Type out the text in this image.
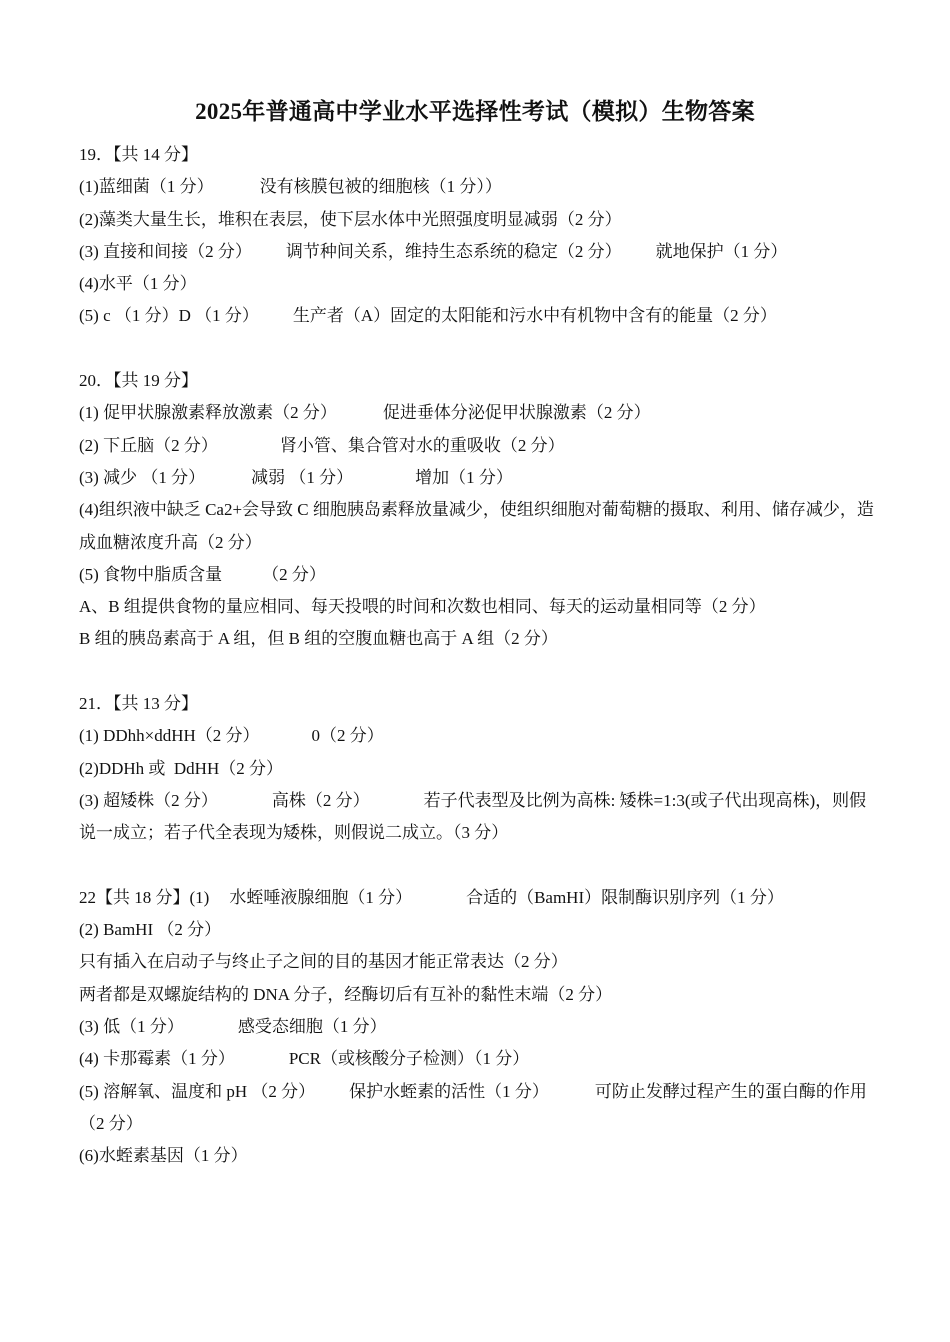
2025年普通高中学业水平选择性考试（模拟）生物答案
19．【共 14 分】
(1)蓝细菌（1 分）	没有核膜包被的细胞核（1 分））
(2)藻类大量生长，堆积在表层，使下层水体中光照强度明显减弱（2 分）
(3) 直接和间接（2 分） 调节种间关系，维持生态系统的稳定（2 分） 就地保护（1 分）
(4)水平（1 分）
(5) c （1 分）D （1 分） 生产者（A）固定的太阳能和污水中有机物中含有的能量（2 分）
20．【共 19 分】
(1) 促甲状腺激素释放激素（2 分）	促进垂体分泌促甲状腺激素（2 分）
(2) 下丘脑（2 分）	肾小管、集合管对水的重吸收（2 分）
(3) 减少 （1 分）	减弱 （1 分）	增加（1 分）
(4)组织液中缺乏 Ca2+会导致 C 细胞胰岛素释放量减少，使组织细胞对葡萄糖的摄取、利用、储存减少，造成血糖浓度升高（2 分）
(5) 食物中脂质含量 （2 分）
A、B 组提供食物的量应相同、每天投喂的时间和次数也相同、每天的运动量相同等（2 分）
B 组的胰岛素高于 A 组，但 B 组的空腹血糖也高于 A 组（2 分）
21．【共 13 分】
(1) DDhh×ddHH（2 分）	0（2 分）
(2)DDHh 或  DdHH（2 分）
(3) 超矮株（2 分）	高株（2 分）	若子代表型及比例为高株: 矮株=1:3(或子代出现高株)，则假说一成立；若子代全表现为矮株，则假说二成立。（3 分）
22【共 18 分】(1) 水蛭唾液腺细胞（1 分）	合适的（BamHI）限制酶识别序列（1 分）
(2) BamHI （2 分）
只有插入在启动子与终止子之间的目的基因才能正常表达（2 分）
两者都是双螺旋结构的 DNA 分子，经酶切后有互补的黏性末端（2 分）
(3) 低（1 分）	感受态细胞（1 分）
(4) 卡那霉素（1 分）	PCR（或核酸分子检测）（1 分）
(5) 溶解氧、温度和 pH （2 分） 保护水蛭素的活性（1 分）	可防止发酵过程产生的蛋白酶的作用（2 分）
(6)水蛭素基因（1 分）
